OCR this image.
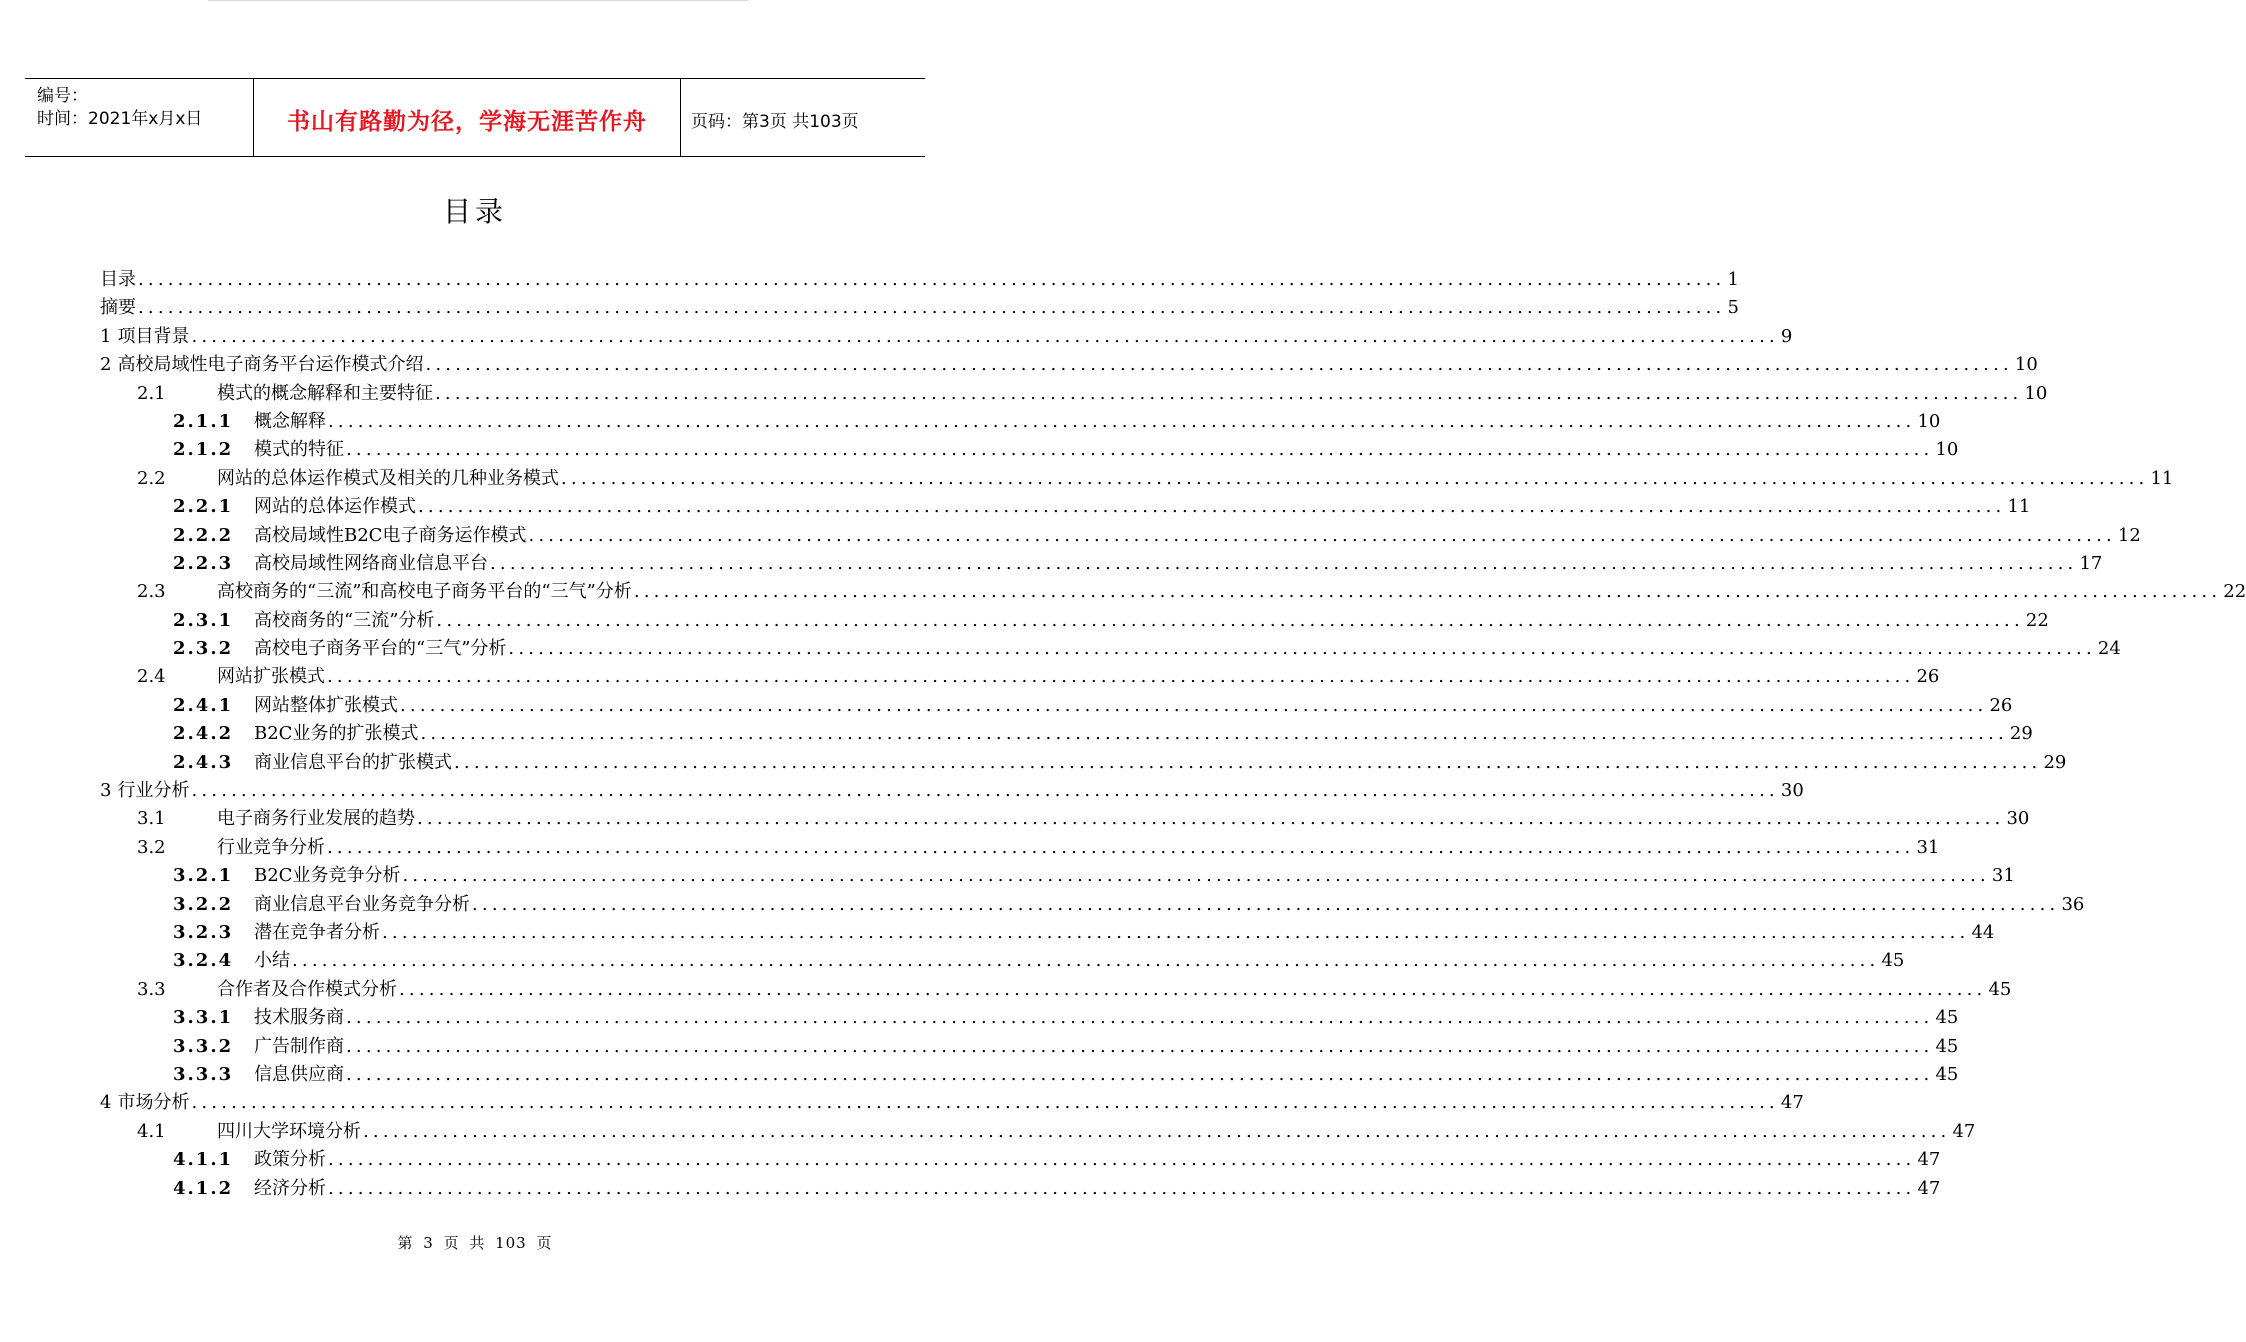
编号：
时间：2021年x月x日	书山有路勤为径，学海无涯苦作舟	页码：第3页 共103页
目录
目录 ................................................................................................................................................................ 1
摘要 ................................................................................................................................................................ 5
1 项目背景 ................................................................................................................................................................ 9
2 高校局域性电子商务平台运作模式介绍 ................................................................................................................................................................ 10
2.1	模式的概念解释和主要特征 ................................................................................................................................................................ 10
2.1.1	概念解释 ................................................................................................................................................................ 10
2.1.2	模式的特征 ................................................................................................................................................................ 10
2.2	网站的总体运作模式及相关的几种业务模式 ................................................................................................................................................................ 11
2.2.1	网站的总体运作模式 ................................................................................................................................................................ 11
2.2.2	高校局域性B2C电子商务运作模式 ................................................................................................................................................................ 12
2.2.3	高校局域性网络商业信息平台 ................................................................................................................................................................ 17
2.3	高校商务的“三流”和高校电子商务平台的“三气”分析 ................................................................................................................................................................ 22
2.3.1	高校商务的“三流”分析 ................................................................................................................................................................ 22
2.3.2	高校电子商务平台的“三气”分析 ................................................................................................................................................................ 24
2.4	网站扩张模式 ................................................................................................................................................................ 26
2.4.1	网站整体扩张模式 ................................................................................................................................................................ 26
2.4.2	B2C业务的扩张模式 ................................................................................................................................................................ 29
2.4.3	商业信息平台的扩张模式 ................................................................................................................................................................ 29
3 行业分析 ................................................................................................................................................................ 30
3.1	电子商务行业发展的趋势 ................................................................................................................................................................ 30
3.2	行业竞争分析 ................................................................................................................................................................ 31
3.2.1	B2C业务竞争分析 ................................................................................................................................................................ 31
3.2.2	商业信息平台业务竞争分析 ................................................................................................................................................................ 36
3.2.3	潜在竞争者分析 ................................................................................................................................................................ 44
3.2.4	小结 ................................................................................................................................................................ 45
3.3	合作者及合作模式分析 ................................................................................................................................................................ 45
3.3.1	技术服务商 ................................................................................................................................................................ 45
3.3.2	广告制作商 ................................................................................................................................................................ 45
3.3.3	信息供应商 ................................................................................................................................................................ 45
4 市场分析 ................................................................................................................................................................ 47
4.1	四川大学环境分析 ................................................................................................................................................................ 47
4.1.1	政策分析 ................................................................................................................................................................ 47
4.1.2	经济分析 ................................................................................................................................................................ 47
第 3 页 共 103 页
